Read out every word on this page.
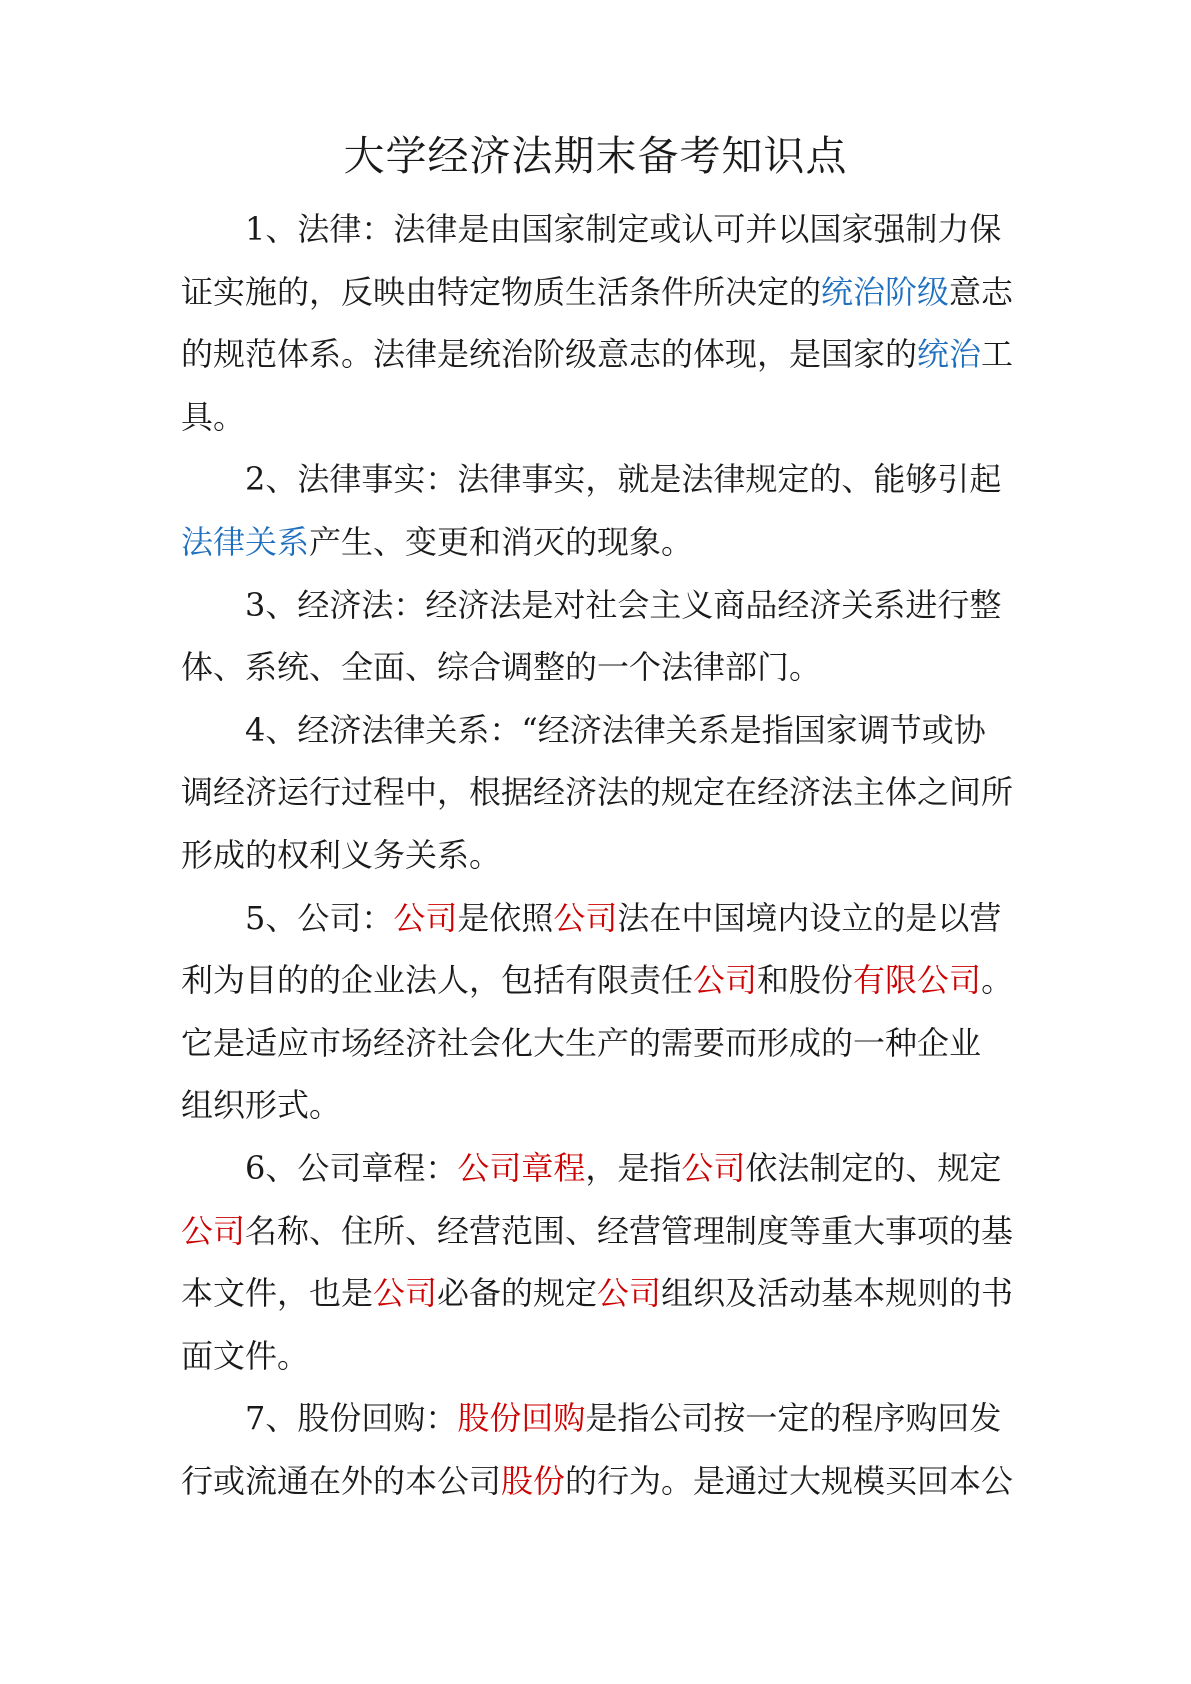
大学经济法期末备考知识点
1、法律：法律是由国家制定或认可并以国家强制力保
证实施的，反映由特定物质生活条件所决定的统治阶级意志
的规范体系。法律是统治阶级意志的体现，是国家的统治工
具。
2、法律事实：法律事实，就是法律规定的、能够引起
法律关系产生、变更和消灭的现象。
3、经济法：经济法是对社会主义商品经济关系进行整
体、系统、全面、综合调整的一个法律部门。
4、经济法律关系：“经济法律关系是指国家调节或协
调经济运行过程中，根据经济法的规定在经济法主体之间所
形成的权利义务关系。
5、公司：公司是依照公司法在中国境内设立的是以营
利为目的的企业法人，包括有限责任公司和股份有限公司。
它是适应市场经济社会化大生产的需要而形成的一种企业
组织形式。
6、公司章程：公司章程，是指公司依法制定的、规定
公司名称、住所、经营范围、经营管理制度等重大事项的基
本文件，也是公司必备的规定公司组织及活动基本规则的书
面文件。
7、股份回购：股份回购是指公司按一定的程序购回发
行或流通在外的本公司股份的行为。是通过大规模买回本公
